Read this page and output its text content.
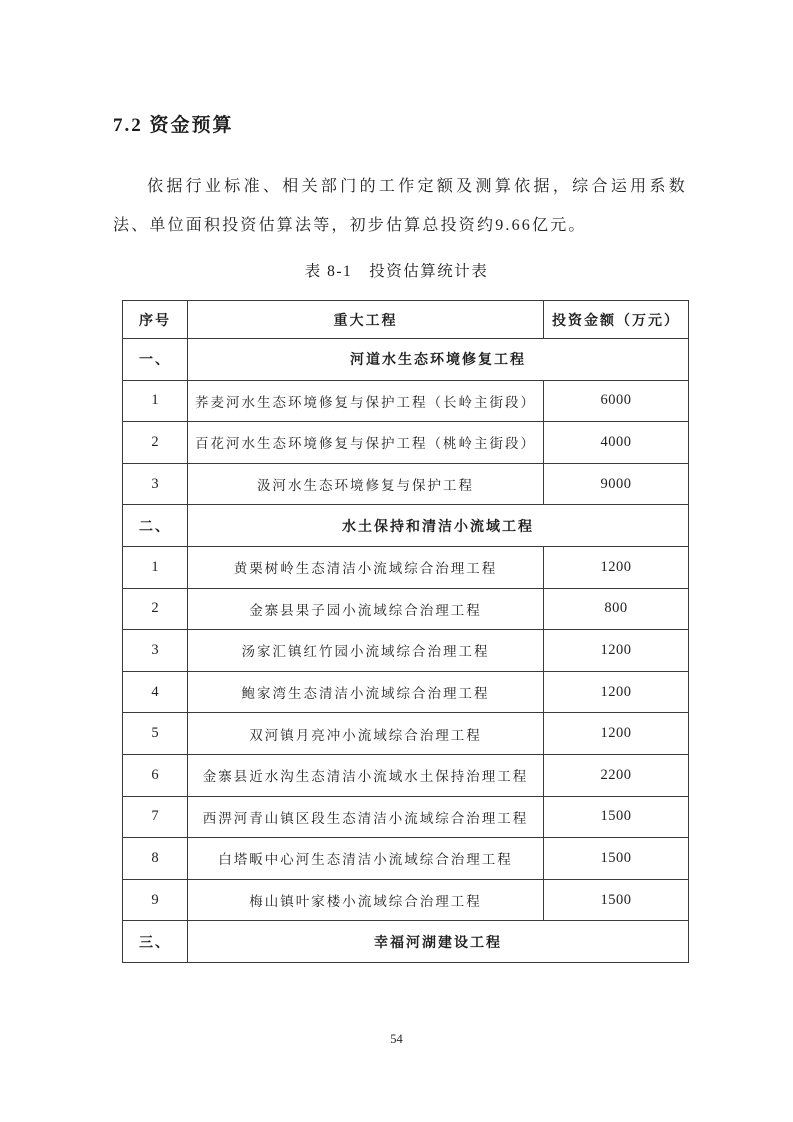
7.2 资金预算
依据行业标准、相关部门的工作定额及测算依据，综合运用系数法、单位面积投资估算法等，初步估算总投资约9.66亿元。
表 8-1　投资估算统计表
序号	重大工程	投资金额（万元）
一、	河道水生态环境修复工程	
1	荞麦河水生态环境修复与保护工程（长岭主街段）	6000
2	百花河水生态环境修复与保护工程（桃岭主街段）	4000
3	汲河水生态环境修复与保护工程	9000
二、	水土保持和清洁小流域工程	
1	黄栗树岭生态清洁小流域综合治理工程	1200
2	金寨县果子园小流域综合治理工程	800
3	汤家汇镇红竹园小流域综合治理工程	1200
4	鲍家湾生态清洁小流域综合治理工程	1200
5	双河镇月亮冲小流域综合治理工程	1200
6	金寨县近水沟生态清洁小流域水土保持治理工程	2200
7	西淠河青山镇区段生态清洁小流域综合治理工程	1500
8	白塔畈中心河生态清洁小流域综合治理工程	1500
9	梅山镇叶家楼小流域综合治理工程	1500
三、	幸福河湖建设工程	
54
